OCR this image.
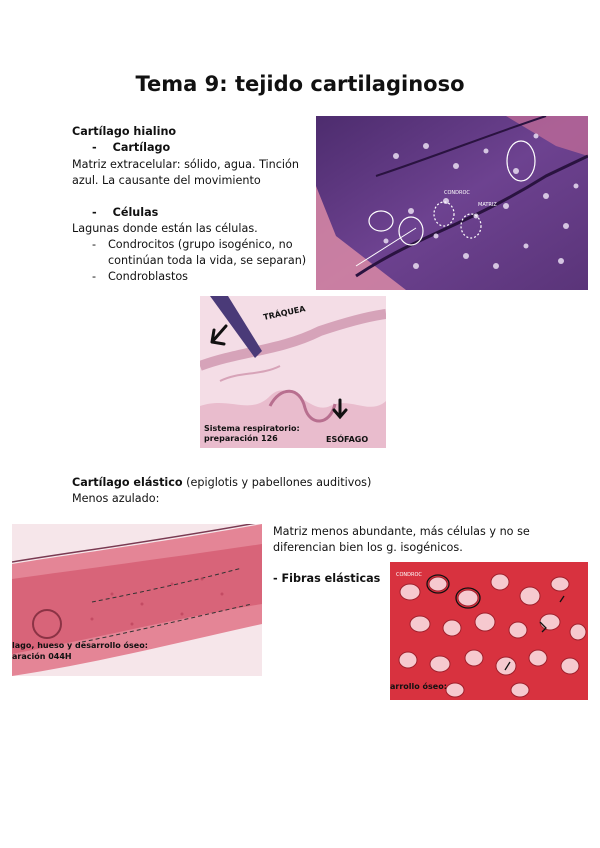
Tema 9: tejido cartilaginoso
Cartílago hialino
- Cartílago
Matriz extracelular: sólido, agua. Tinción
azul. La causante del movimiento
- Células
Lagunas donde están las células.
- Condrocitos (grupo isogénico, no
continúan toda la vida, se separan)
- Condroblastos
CONDROC
MATRIZ
TRÁQUEA
ESÓFAGO
Sistema respiratorio:
preparación 126
Cartílago elástico (epiglotis y pabellones auditivos)
Menos azulado:
Matriz menos abundante, más células y no se
diferencian bien los g. isogénicos.
- Fibras elásticas
lago, hueso y desarrollo óseo:
aración 044H
CONDROC
arrollo óseo:
